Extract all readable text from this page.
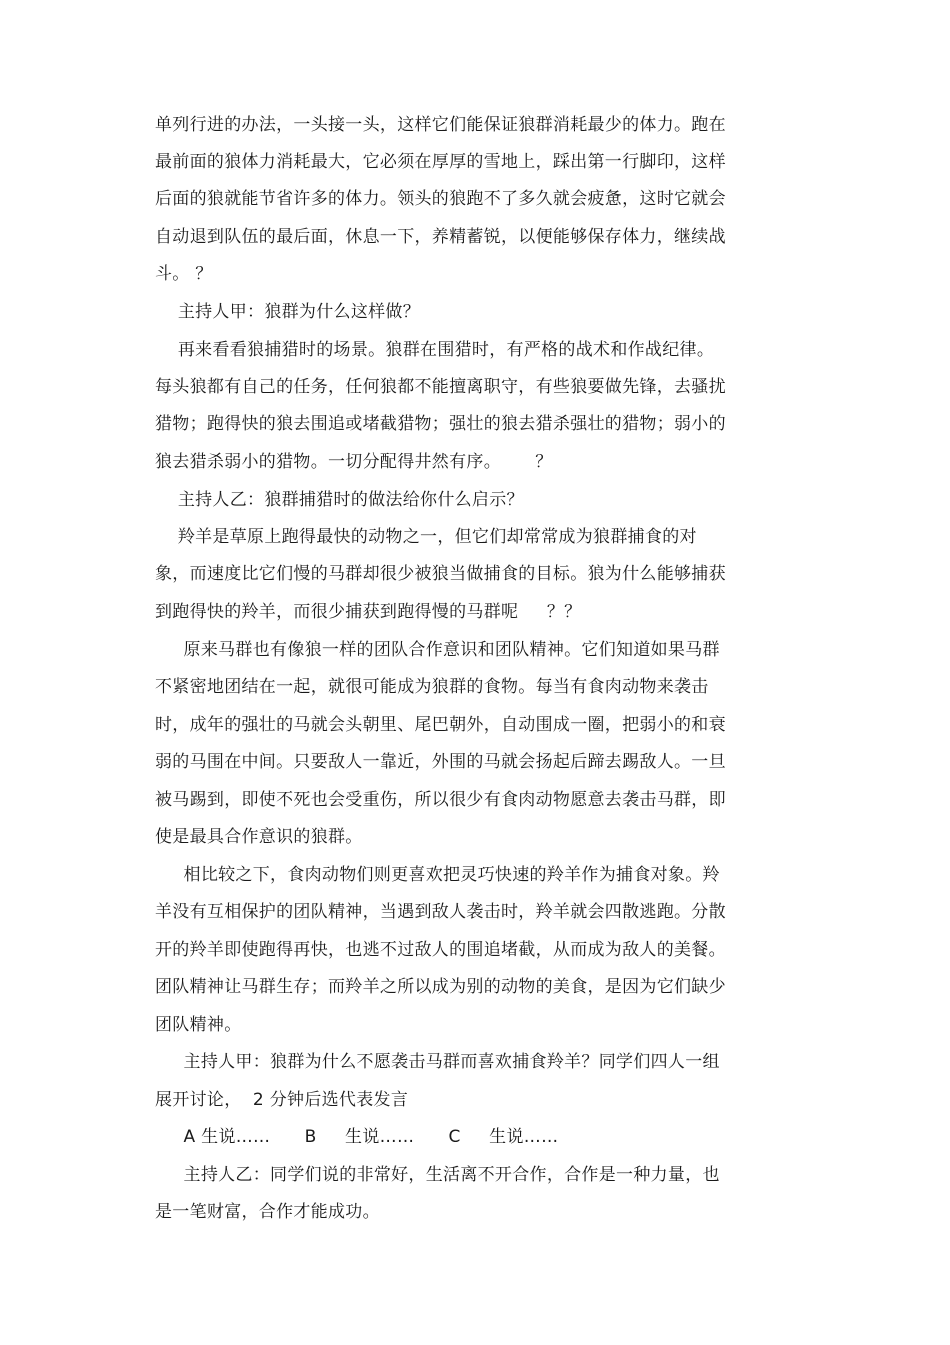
单列行进的办法，一头接一头，这样它们能保证狼群消耗最少的体力。跑在
最前面的狼体力消耗最大，它必须在厚厚的雪地上，踩出第一行脚印，这样
后面的狼就能节省许多的体力。领头的狼跑不了多久就会疲惫，这时它就会
自动退到队伍的最后面，休息一下，养精蓄锐，以便能够保存体力，继续战
斗。 ？
主持人甲：狼群为什么这样做？
再来看看狼捕猎时的场景。狼群在围猎时，有严格的战术和作战纪律。
每头狼都有自己的任务，任何狼都不能擅离职守，有些狼要做先锋，去骚扰
猎物；跑得快的狼去围追或堵截猎物；强壮的狼去猎杀强壮的猎物；弱小的
狼去猎杀弱小的猎物。一切分配得井然有序。      ？
主持人乙：狼群捕猎时的做法给你什么启示？
羚羊是草原上跑得最快的动物之一，但它们却常常成为狼群捕食的对
象，而速度比它们慢的马群却很少被狼当做捕食的目标。狼为什么能够捕获
到跑得快的羚羊，而很少捕获到跑得慢的马群呢     ？？
原来马群也有像狼一样的团队合作意识和团队精神。它们知道如果马群
不紧密地团结在一起，就很可能成为狼群的食物。每当有食肉动物来袭击
时，成年的强壮的马就会头朝里、尾巴朝外，自动围成一圈，把弱小的和衰
弱的马围在中间。只要敌人一靠近，外围的马就会扬起后蹄去踢敌人。一旦
被马踢到，即使不死也会受重伤，所以很少有食肉动物愿意去袭击马群，即
使是最具合作意识的狼群。
相比较之下，食肉动物们则更喜欢把灵巧快速的羚羊作为捕食对象。羚
羊没有互相保护的团队精神，当遇到敌人袭击时，羚羊就会四散逃跑。分散
开的羚羊即使跑得再快，也逃不过敌人的围追堵截，从而成为敌人的美餐。
团队精神让马群生存；而羚羊之所以成为别的动物的美食，是因为它们缺少
团队精神。
主持人甲：狼群为什么不愿袭击马群而喜欢捕食羚羊？同学们四人一组
展开讨论，  2 分钟后选代表发言
A 生说……      B     生说……      C     生说……
主持人乙：同学们说的非常好，生活离不开合作，合作是一种力量，也
是一笔财富，合作才能成功。
